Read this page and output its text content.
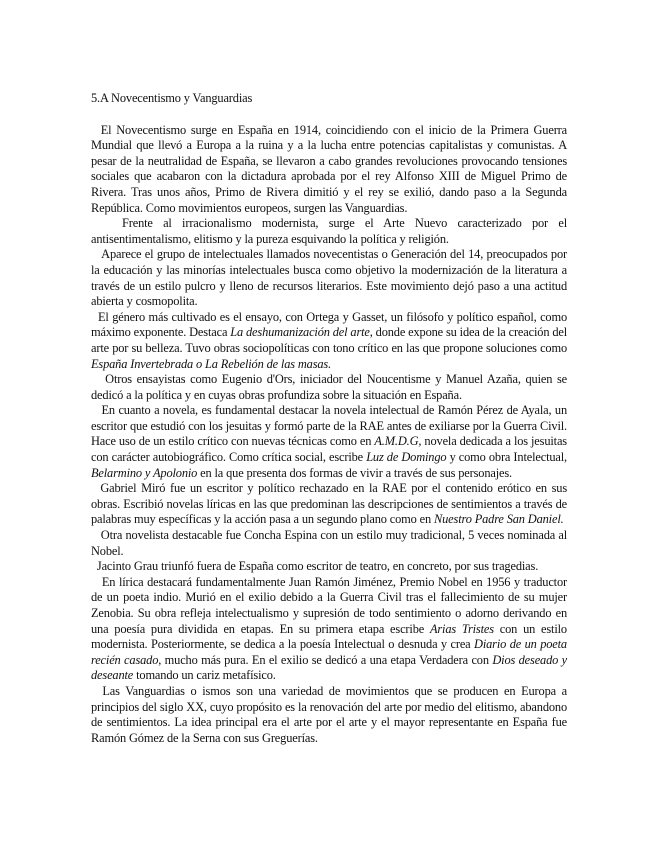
5.A Novecentismo y Vanguardias

El Novecentismo surge en España en 1914, coincidiendo con el inicio de la Primera Guerra Mundial que llevó a Europa a la ruina y a la lucha entre potencias capitalistas y comunistas. A pesar de la neutralidad de España, se llevaron a cabo grandes revoluciones provocando tensiones sociales que acabaron con la dictadura aprobada por el rey Alfonso XIII de Miguel Primo de Rivera. Tras unos años, Primo de Rivera dimitió y el rey se exilió, dando paso a la Segunda República. Como movimientos europeos, surgen las Vanguardias.

Frente al irracionalismo modernista, surge el Arte Nuevo caracterizado por el antisentimentalismo, elitismo y la pureza esquivando la política y religión.

Aparece el grupo de intelectuales llamados novecentistas o Generación del 14, preocupados por la educación y las minorías intelectuales busca como objetivo la modernización de la literatura a través de un estilo pulcro y lleno de recursos literarios. Este movimiento dejó paso a una actitud abierta y cosmopolita.

El género más cultivado es el ensayo, con Ortega y Gasset, un filósofo y político español, como máximo exponente. Destaca La deshumanización del arte, donde expone su idea de la creación del arte por su belleza. Tuvo obras sociopolíticas con tono crítico en las que propone soluciones como España Invertebrada o La Rebelión de las masas.

Otros ensayistas como Eugenio d'Ors, iniciador del Noucentisme y Manuel Azaña, quien se dedicó a la política y en cuyas obras profundiza sobre la situación en España.

En cuanto a novela, es fundamental destacar la novela intelectual de Ramón Pérez de Ayala, un escritor que estudió con los jesuitas y formó parte de la RAE antes de exiliarse por la Guerra Civil. Hace uso de un estilo crítico con nuevas técnicas como en A.M.D.G, novela dedicada a los jesuitas con carácter autobiográfico. Como crítica social, escribe Luz de Domingo y como obra Intelectual, Belarmino y Apolonio en la que presenta dos formas de vivir a través de sus personajes.

Gabriel Miró fue un escritor y político rechazado en la RAE por el contenido erótico en sus obras. Escribió novelas líricas en las que predominan las descripciones de sentimientos a través de palabras muy específicas y la acción pasa a un segundo plano como en Nuestro Padre San Daniel.

Otra novelista destacable fue Concha Espina con un estilo muy tradicional, 5 veces nominada al Nobel.

Jacinto Grau triunfó fuera de España como escritor de teatro, en concreto, por sus tragedias.

En lírica destacará fundamentalmente Juan Ramón Jiménez, Premio Nobel en 1956 y traductor de un poeta indio. Murió en el exilio debido a la Guerra Civil tras el fallecimiento de su mujer Zenobia. Su obra refleja intelectualismo y supresión de todo sentimiento o adorno derivando en una poesía pura dividida en etapas. En su primera etapa escribe Arias Tristes con un estilo modernista. Posteriormente, se dedica a la poesía Intelectual o desnuda y crea Diario de un poeta recién casado, mucho más pura. En el exilio se dedicó a una etapa Verdadera con Dios deseado y deseante tomando un cariz metafísico.

Las Vanguardias o ismos son una variedad de movimientos que se producen en Europa a principios del siglo XX, cuyo propósito es la renovación del arte por medio del elitismo, abandono de sentimientos. La idea principal era el arte por el arte y el mayor representante en España fue Ramón Gómez de la Serna con sus Greguerías.
